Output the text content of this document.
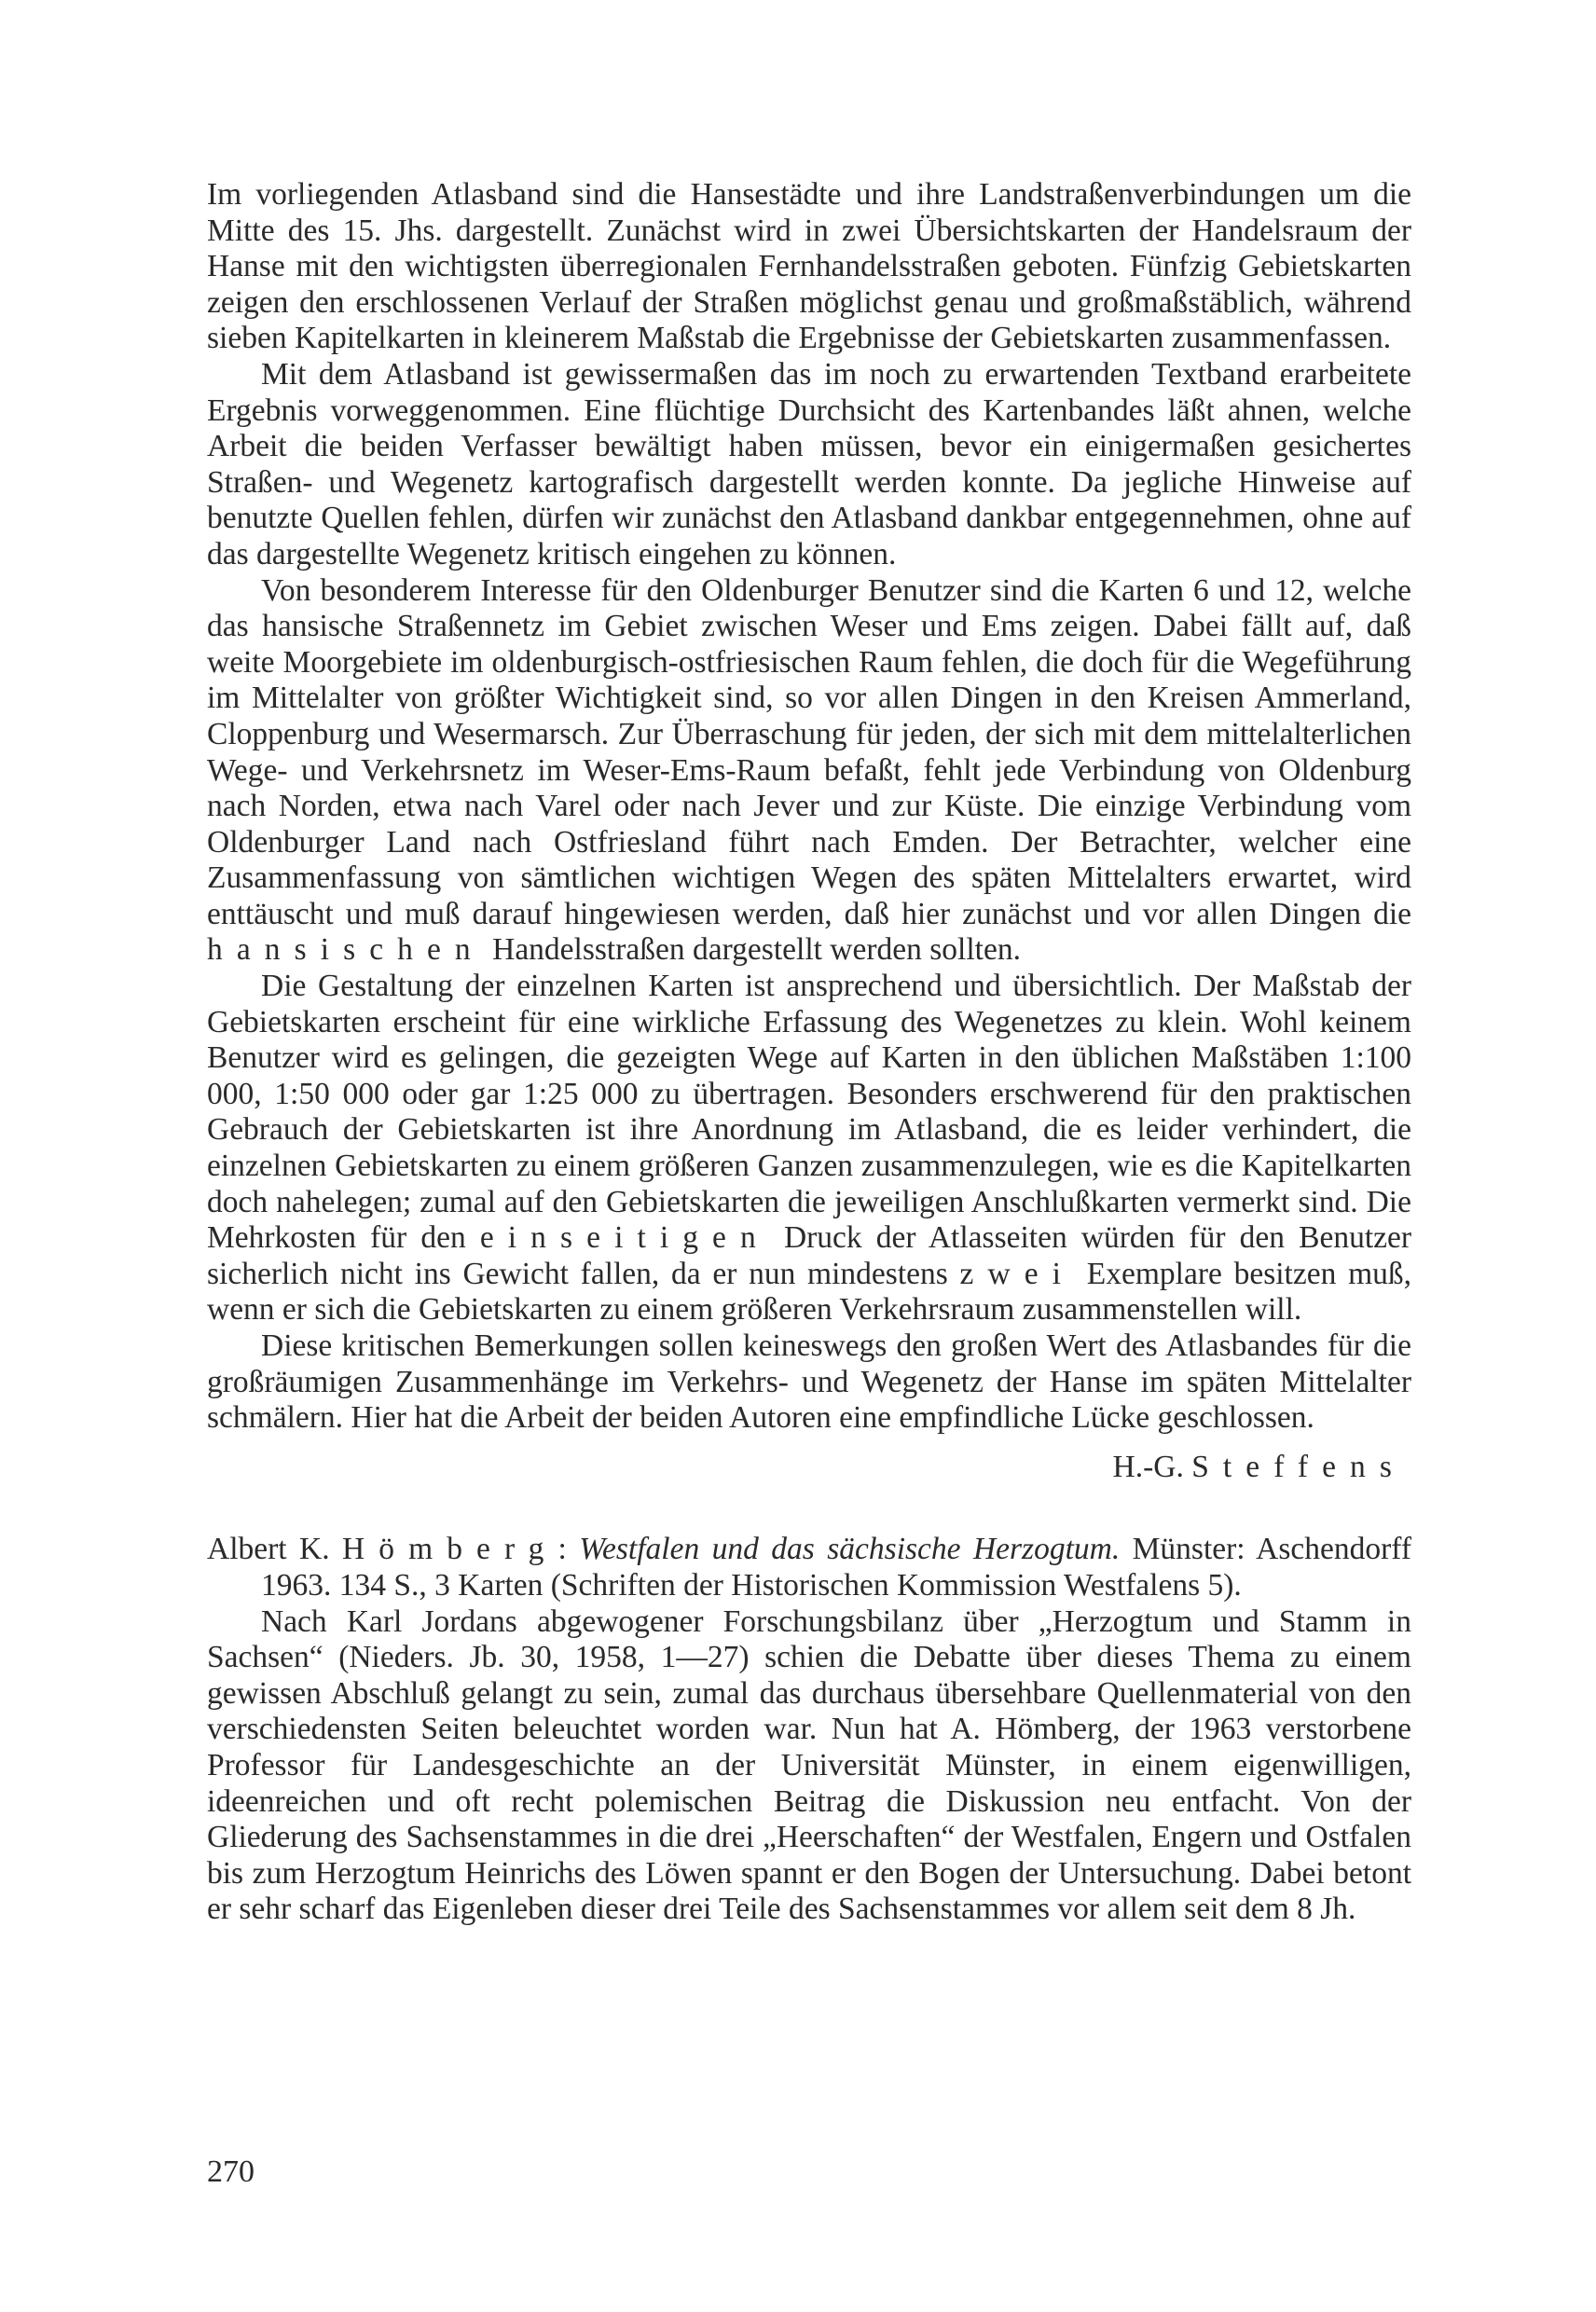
Im vorliegenden Atlasband sind die Hansestädte und ihre Landstraßenverbindungen um die Mitte des 15. Jhs. dargestellt. Zunächst wird in zwei Übersichtskarten der Handelsraum der Hanse mit den wichtigsten überregionalen Fernhandelsstraßen geboten. Fünfzig Gebietskarten zeigen den erschlossenen Verlauf der Straßen möglichst genau und großmaßstäblich, während sieben Kapitelkarten in kleinerem Maßstab die Ergebnisse der Gebietskarten zusammenfassen.

Mit dem Atlasband ist gewissermaßen das im noch zu erwartenden Textband erarbeitete Ergebnis vorweggenommen. Eine flüchtige Durchsicht des Kartenbandes läßt ahnen, welche Arbeit die beiden Verfasser bewältigt haben müssen, bevor ein einigermaßen gesichertes Straßen- und Wegenetz kartografisch dargestellt werden konnte. Da jegliche Hinweise auf benutzte Quellen fehlen, dürfen wir zunächst den Atlasband dankbar entgegennehmen, ohne auf das dargestellte Wegenetz kritisch eingehen zu können.

Von besonderem Interesse für den Oldenburger Benutzer sind die Karten 6 und 12, welche das hansische Straßennetz im Gebiet zwischen Weser und Ems zeigen. Dabei fällt auf, daß weite Moorgebiete im oldenburgisch-ostfriesischen Raum fehlen, die doch für die Wegeführung im Mittelalter von größter Wichtigkeit sind, so vor allen Dingen in den Kreisen Ammerland, Cloppenburg und Wesermarsch. Zur Überraschung für jeden, der sich mit dem mittelalterlichen Wege- und Verkehrsnetz im Weser-Ems-Raum befaßt, fehlt jede Verbindung von Oldenburg nach Norden, etwa nach Varel oder nach Jever und zur Küste. Die einzige Verbindung vom Oldenburger Land nach Ostfriesland führt nach Emden. Der Betrachter, welcher eine Zusammenfassung von sämtlichen wichtigen Wegen des späten Mittelalters erwartet, wird enttäuscht und muß darauf hingewiesen werden, daß hier zunächst und vor allen Dingen die hansischen Handelsstraßen dargestellt werden sollten.

Die Gestaltung der einzelnen Karten ist ansprechend und übersichtlich. Der Maßstab der Gebietskarten erscheint für eine wirkliche Erfassung des Wegenetzes zu klein. Wohl keinem Benutzer wird es gelingen, die gezeigten Wege auf Karten in den üblichen Maßstäben 1:100 000, 1:50 000 oder gar 1:25 000 zu übertragen. Besonders erschwerend für den praktischen Gebrauch der Gebietskarten ist ihre Anordnung im Atlasband, die es leider verhindert, die einzelnen Gebietskarten zu einem größeren Ganzen zusammenzulegen, wie es die Kapitelkarten doch nahelegen; zumal auf den Gebietskarten die jeweiligen Anschlußkarten vermerkt sind. Die Mehrkosten für den einseitigen Druck der Atlasseiten würden für den Benutzer sicherlich nicht ins Gewicht fallen, da er nun mindestens zwei Exemplare besitzen muß, wenn er sich die Gebietskarten zu einem größeren Verkehrsraum zusammenstellen will.

Diese kritischen Bemerkungen sollen keineswegs den großen Wert des Atlasbandes für die großräumigen Zusammenhänge im Verkehrs- und Wegenetz der Hanse im späten Mittelalter schmälern. Hier hat die Arbeit der beiden Autoren eine empfindliche Lücke geschlossen.

H.-G. Steffens

Albert K. Hömberg: Westfalen und das sächsische Herzogtum. Münster: Aschendorff 1963. 134 S., 3 Karten (Schriften der Historischen Kommission Westfalens 5).

Nach Karl Jordans abgewogener Forschungsbilanz über „Herzogtum und Stamm in Sachsen“ (Nieders. Jb. 30, 1958, 1—27) schien die Debatte über dieses Thema zu einem gewissen Abschluß gelangt zu sein, zumal das durchaus übersehbare Quellenmaterial von den verschiedensten Seiten beleuchtet worden war. Nun hat A. Hömberg, der 1963 verstorbene Professor für Landesgeschichte an der Universität Münster, in einem eigenwilligen, ideenreichen und oft recht polemischen Beitrag die Diskussion neu entfacht. Von der Gliederung des Sachsenstammes in die drei „Heerschaften“ der Westfalen, Engern und Ostfalen bis zum Herzogtum Heinrichs des Löwen spannt er den Bogen der Untersuchung. Dabei betont er sehr scharf das Eigenleben dieser drei Teile des Sachsenstammes vor allem seit dem 8 Jh.

270
